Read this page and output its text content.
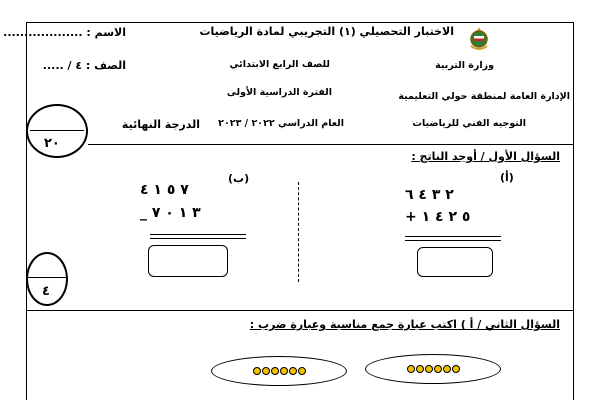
الاختبار التحصيلي (١) التجريبي لمادة الرياضيات
الاسم : ...................
وزارة التربية
للصف الرابع الابتدائي
الصف : ٤ / .....
الإدارة العامة لمنطقة حولي التعليمية
الفترة الدراسية الأولى
التوجيه الفني للرياضيات
العام الدراسي ٢٠٢٢ / ٢٠٢٣
الدرجة النهائية
٢٠
السؤال الأول / أوجد الناتج :
(أ)
٢ ٣ ٤ ٦
+ ٥ ٢ ٤ ١
(ب)
٧ ٥ ١ ٤
_ ٣ ١ ٠ ٧
٤
السؤال الثاني / أ ) اكتب عبارة جمع مناسبة وعبارة ضرب :
